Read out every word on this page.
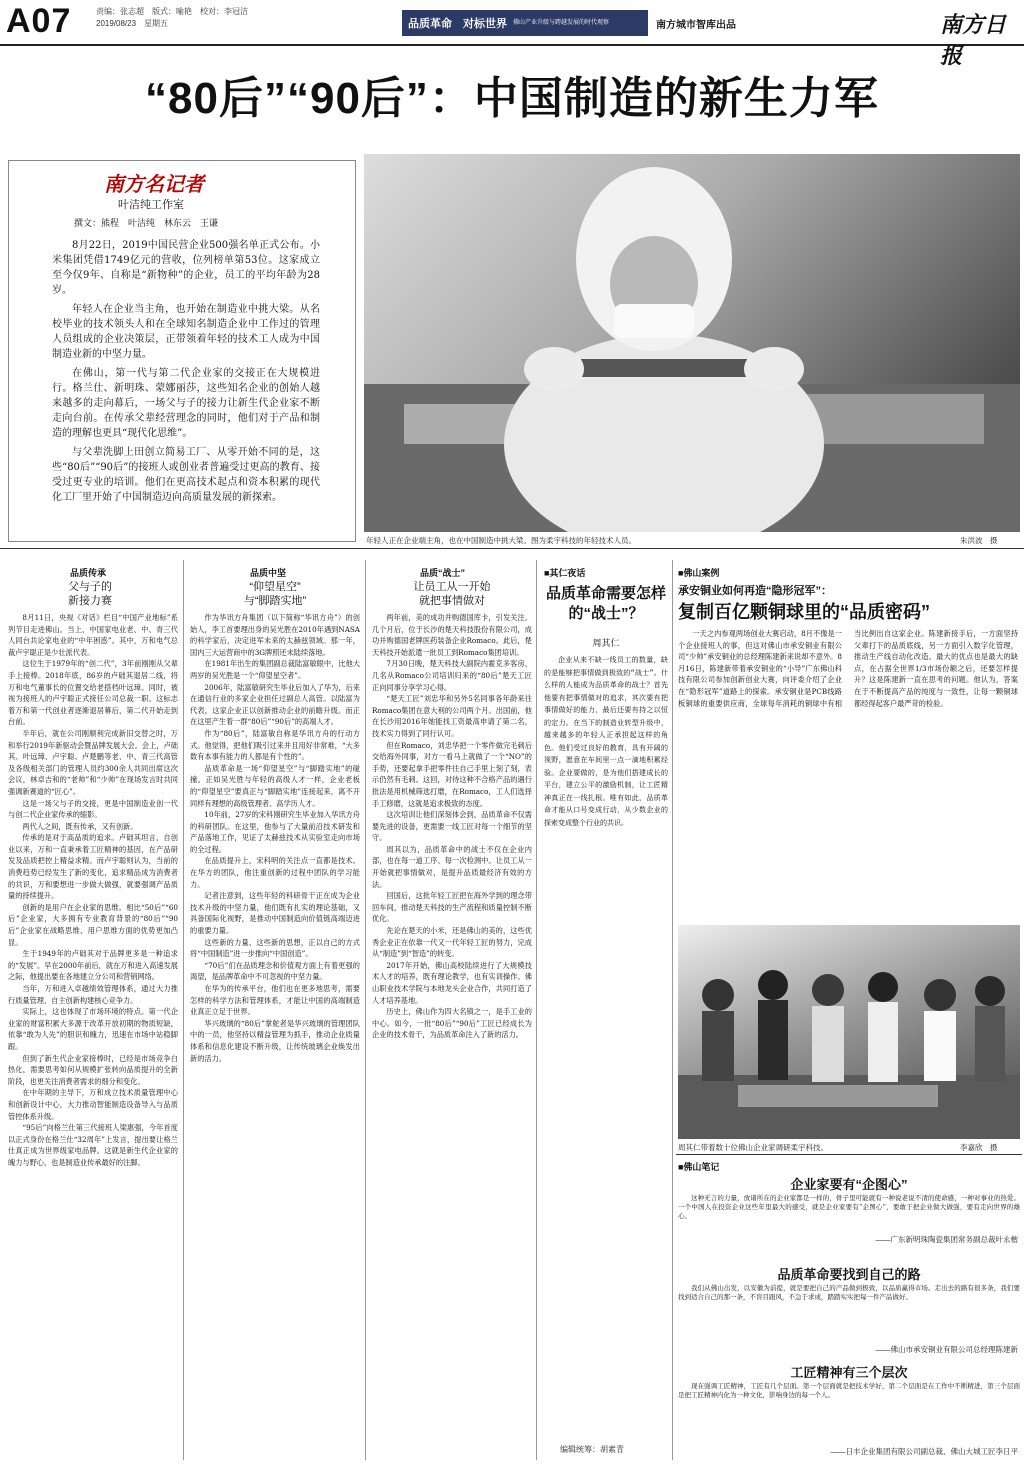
A07	责编：张志超　版式：喻艳　校对：李冠洁
2019/08/23　星期五	品质革命　对标世界 佛山产业升级与跨越发展的时代观察	南方城市智库出品	南方日报
“80后”“90后”：中国制造的新生力军
南方名记者
叶洁纯工作室
撰文：熊程　叶洁纯　林东云　王谦

8月22日，2019中国民营企业500强名单正式公布。小米集团凭借1749亿元的营收，位列榜单第53位。这家成立至今仅9年、自称是“新物种”的企业，员工的平均年龄为28岁。

年轻人在企业当主角，也开始在制造业中挑大梁。从名校毕业的技术领头人和在全球知名制造企业中工作过的管理人员组成的企业决策层，正带领着年轻的技术工人成为中国制造业新的中坚力量。

在佛山，第一代与第二代企业家的交接正在大规模进行。格兰仕、新明珠、蒙娜丽莎，这些知名企业的创始人越来越多的走向幕后，一场父与子的接力让新生代企业家不断走向台前。在传承父辈经营理念的同时，他们对于产品和制造的理解也更具“现代化思维”。

与父辈洗脚上田创立简易工厂、从零开始不同的是，这些“80后”“90后”的接班人或创业者普遍受过更高的教育、接受过更专业的培训。他们在更高技术起点和资本积累的现代化工厂里开始了中国制造迈向高质量发展的新探索。

年轻人正在企业端主角，也在中国制造中挑大梁。图为柔宇科技的年轻技术人员。	朱洪波　摄
品质传承
父与子的
新接力赛

8月11日，央视《对话》栏目“中国产业地标”系列节目走进佛山。当上，中国家电业老、中、青三代人同台共论家电业的“中年困惑”。其中，万和电气总裁卢宇聪正是少壮派代表。

这位生于1979年的“创二代”，3年前刚刚从父辈手上接棒。2018年底，86岁的卢础其退居二线，将万和电气董事长的位置交给老搭档叶远璋。同时，被视为接班人的卢宇聪正式接任公司总裁一职。这标志着万和第一代创业者逐渐退居幕后，第二代开始走到台前。

半年后，就在公司刚顺利完成新旧交替之时，万和举行2019年新驱动会暨品牌发展大会。会上，卢础其、叶远璋、卢宇聪、卢楚鹏等老、中、青三代高管及各级相关部门的管理人员约300余人共同出席这次会议，林卓吉和的“老帅”和“少帅”在现场发言时共同强调新赛道的“匠心”。

这是一场父与子的交接，更是中国制造业创一代与创二代企业家传承的缩影。

两代人之间，既有传承，又有创新。

传承的是对于高品质的追求。卢础其坦言，自创业以来，万和一直秉承着工匠精神的基因，在产品研发及品质把控上精益求精。而卢宇聪则认为，当前的消费趋势已经发生了新的变化，追求精品成为消费者的共识，万和要想进一步做大做强，就要强调产品质量的持续提升。

创新的是用户在企业家的思维。相比“50后”“60后”企业家，大多拥有专业教育背景的“80后”“90后”企业家在战略思维、用户思维方面的优势更加凸显。

生于1949年的卢础其对于品牌更多是一种追求的“发展”。早在2000年前后，就在万和进入高速发展之际，他提出要在各地建立分公司和营销网络。

当年，万和进入卓越绩效管理体系，通过大力推行质量管理、自主创新构建核心竞争力。

实际上，这也体现了市场环境的特点。第一代企业家的财富积累大多源于改革开放初期的物质短缺，依靠“敢为人先”的胆识和魄力，迅速在市场中站稳脚跟。

但到了新生代企业家接棒时，已经是市场竞争白热化，需要思考如何从规模扩张转向品质提升的全新阶段，也更关注消费者需求的细分和变化。

在中年期的主导下，万和成立技术质量管理中心和创新设计中心，大力推动智能制造设备导入与品质管控体系升级。

“95后”向格兰仕第三代接班人梁惠强，今年首度以正式身份在格兰仕“32周年”上发言，提出要让格兰仕真正成为世界级家电品牌。这就是新生代企业家的魄力与野心，也是制造业传承最好的注脚。

品质中坚
“仰望星空”
与“脚踏实地”

作为华讯方舟集团（以下简称“华讯方舟”）的创始人，李工首要理出身的吴光胜在2010年遇到NASA的科学家后，决定进军未来的太赫兹领域。那一年，国内三大运营商中的3G牌照还未陆续落地。

在1981年出生的集团副总裁陆富敏眼中，比他大两岁的吴光胜是一个“仰望星空者”。

2006年，陆富敏研究生毕业后加入了华为，后来在通信行业的多家企业担任过副总人高管。以陆富为代表，这家企业正以创新推动企业的前瞻升级。而正在这里产生着一群“80后”“90后”的高端人才。

作为“80后”，陆富敏自称是华讯方舟的行动方式。他觉得，把他们吸引过来并且用好非常难，“大多数有本事有能力的人都是有个性的”。

品质革命是一场“仰望星空”与“脚踏实地”的碰撞。正如吴光胜与年轻的高级人才一样，企业老板的“仰望星空”要真正与“脚踏实地”连接起来，离不开同样有理想的高级管理者、高学历人才。

10年前，27岁的宋科刚研究生毕业加入华讯方舟的科研团队。在这里，他参与了大量前沿技术研发和产品落地工作，见证了太赫兹技术从实验室走向市场的全过程。

在品质提升上，宋科明的关注点一直都是技术。在华方的团队，他注重创新的过程中团队的学习能力。

记者注意到，这些年轻的科研骨干正在成为企业技术升级的中坚力量，他们既有扎实的理论基础，又具备国际化视野，是推动中国制造向价值链高端迈进的重要力量。

这些新的力量、这些新的思想，正以自己的方式将“中国制造”进一步推向“中国创造”。

“70后”们在品质理念和价值观方面上有着更强的渴望，是品牌革命中不可忽视的中坚力量。

在华为的传承平台，他们也在更多地思考，需要怎样的科学方法和管理体系，才能让中国的高端制造业真正立足于世界。

华兴玻璃的“80后”掌舵者是华兴玻璃的管理团队中的一员，他坚持以精益管理为抓手，推动企业质量体系和信息化建设不断升级，让传统玻璃企业焕发出新的活力。

品质“战士”
让员工从一开始
就把事情做对

两年前，美的成功并购德国库卡，引发关注。几个月后，位于长沙的楚天科技股份有限公司，成功并购德国老牌医药装备企业Romaco。此后，楚天科技开始派遣一批员工到Romaco集团培训。

7月30日晚，楚天科技大副院内霍克多客房，几名从Romaco公司培训归来的“80后”楚天工匠正向同事分享学习心得。

“楚天工匠”刘忠华和另外5名同事各年龄来往Romaco集团在意大利的公司两个月。出国前，他在长沙用2016年她能找工资最高申请了第二名，技术实力得到了同行认可。

但在Romaco，刘忠华把一个零件做完毛刺后交给海外同事，对方一看马上就做了一个“NO”的手势，还要起拿手把零件往自己手里上刻了刻，表示仍然有毛刺。这回，对待这种不合格产品的遇行批法是用机械筛选打磨，在Romaco，工人们选择手工修磨，这就是追求极致的态度。

这次培训让他们深刻体会到，品质革命不仅需要先进的设备，更需要一线工匠对每一个细节的坚守。

周其以为，品质革命中的战士不仅在企业内部，也在每一道工序、每一次检测中。让员工从一开始就把事情做对，是提升品质最经济有效的方法。

回国后，这批年轻工匠把在海外学到的理念带回车间，推动楚天科技的生产流程和质量控制不断优化。

先论在楚天的小米，还是佛山的美的，这些优秀企业正在依靠一代又一代年轻工匠的努力，完成从“制造”到“智造”的转变。

2017年开始，佛山高校陆续进行了大规模技术人才的培养，既有理论教学，也有实训操作。佛山职业技术学院与本地龙头企业合作，共同打造了人才培养基地。

历史上，佛山作为四大名镇之一，是手工业的中心。如今，一批“80后”“90后”工匠已经成长为企业的技术骨干，为品质革命注入了新的活力。

■其仁夜话
品质革命需要怎样的“战士”？
周其仁

企业从来不缺一线员工的数量，缺的是能够把事情做到极致的“战士”。什么样的人能成为品质革命的战士？首先他要有把事情做对的追求，其次要有把事情做好的能力，最后还要有持之以恒的定力。在当下的制造业转型升级中，越来越多的年轻人正承担起这样的角色。他们受过良好的教育，具有开阔的视野，愿意在车间里一点一滴地积累经验。企业要做的，是为他们搭建成长的平台，建立公平的激励机制，让工匠精神真正在一线扎根。唯有如此，品质革命才能从口号变成行动，从少数企业的探索变成整个行业的共识。

编辑统筹：胡素青
■佛山案例
承安铜业如何再造“隐形冠军”：
复制百亿颗铜球里的“品质密码”

一天之内参观两场创业大赛启动，8月不像是一个企业接班人的事，但这对佛山市承安铜业有限公司“少帅”承安铜业的总经理陈建新来说却不意外。8月16日，陈建新带着承安铜业的“小导”广东佛山科技有限公司参加创新创业大赛，向评委介绍了企业在“隐形冠军”道路上的探索。承安铜业是PCB线路板铜球的重要供应商，全球每年消耗的铜球中有相当比例出自这家企业。陈建新接手后，一方面坚持父辈打下的品质底线，另一方面引入数字化管理，推动生产线自动化改造。最大的优点也是最大的缺点，在占据全世界1/3市场份额之后，还要怎样提升？这是陈建新一直在思考的问题。他认为，答案在于不断提高产品的纯度与一致性，让每一颗铜球都经得起客户最严苛的检验。

周其仁带着数十位佛山企业家调研柔宇科技。	李嘉欣　摄
■佛山笔记
企业家要有“企图心”

这种无言的力量，放诸所在的企业家都是一样的，骨子里可能就有一种说老说不清的使命感，一种对事业的热爱。一个中国人在投资企业这些年里最大的感受，就是企业家要有“企图心”，要敢于把企业做大做强，要有走向世界的雄心。

——广东新明珠陶瓷集团常务副总裁叶永楷
品质革命要找到自己的路

我们从佛山出发，以安徽为前提，就是要把自己的产品做到极致，以品质赢得市场。走出去的路有很多条，我们要找到适合自己的那一条，不盲目跟风，不急于求成，踏踏实实把每一件产品做好。

——佛山市承安铜业有限公司总经理陈建新
工匠精神有三个层次

现在强调工匠精神，工匠有几个层面。第一个层面就是把技术学好，第二个层面是在工作中不断精进，第三个层面是把工匠精神内化为一种文化，影响身边的每一个人。

——日丰企业集团有限公司副总裁、佛山大城工匠李日平
